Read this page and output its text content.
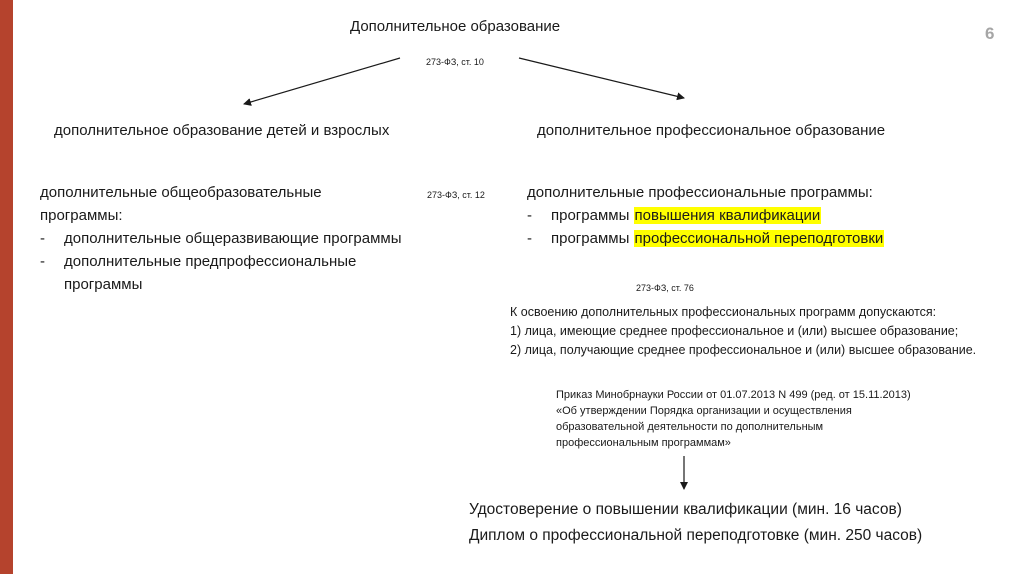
6
Дополнительное образование
273-ФЗ, ст. 10
дополнительное образование детей и взрослых	дополнительное профессиональное образование
273-ФЗ, ст. 12
дополнительные общеобразовательные программы:
- дополнительные общеразвивающие программы
- дополнительные предпрофессиональные программы
дополнительные профессиональные программы:
- программы повышения квалификации
- программы профессиональной переподготовки
273-ФЗ, ст. 76
К освоению дополнительных профессиональных программ допускаются:
1) лица, имеющие среднее профессиональное и (или) высшее образование;
2) лица, получающие среднее профессиональное и (или) высшее образование.
Приказ Минобрнауки России от 01.07.2013 N 499 (ред. от 15.11.2013)
«Об утверждении Порядка организации и осуществления
образовательной деятельности по дополнительным
профессиональным программам»
Удостоверение о повышении квалификации (мин. 16 часов)
Диплом о профессиональной переподготовке (мин. 250 часов)
